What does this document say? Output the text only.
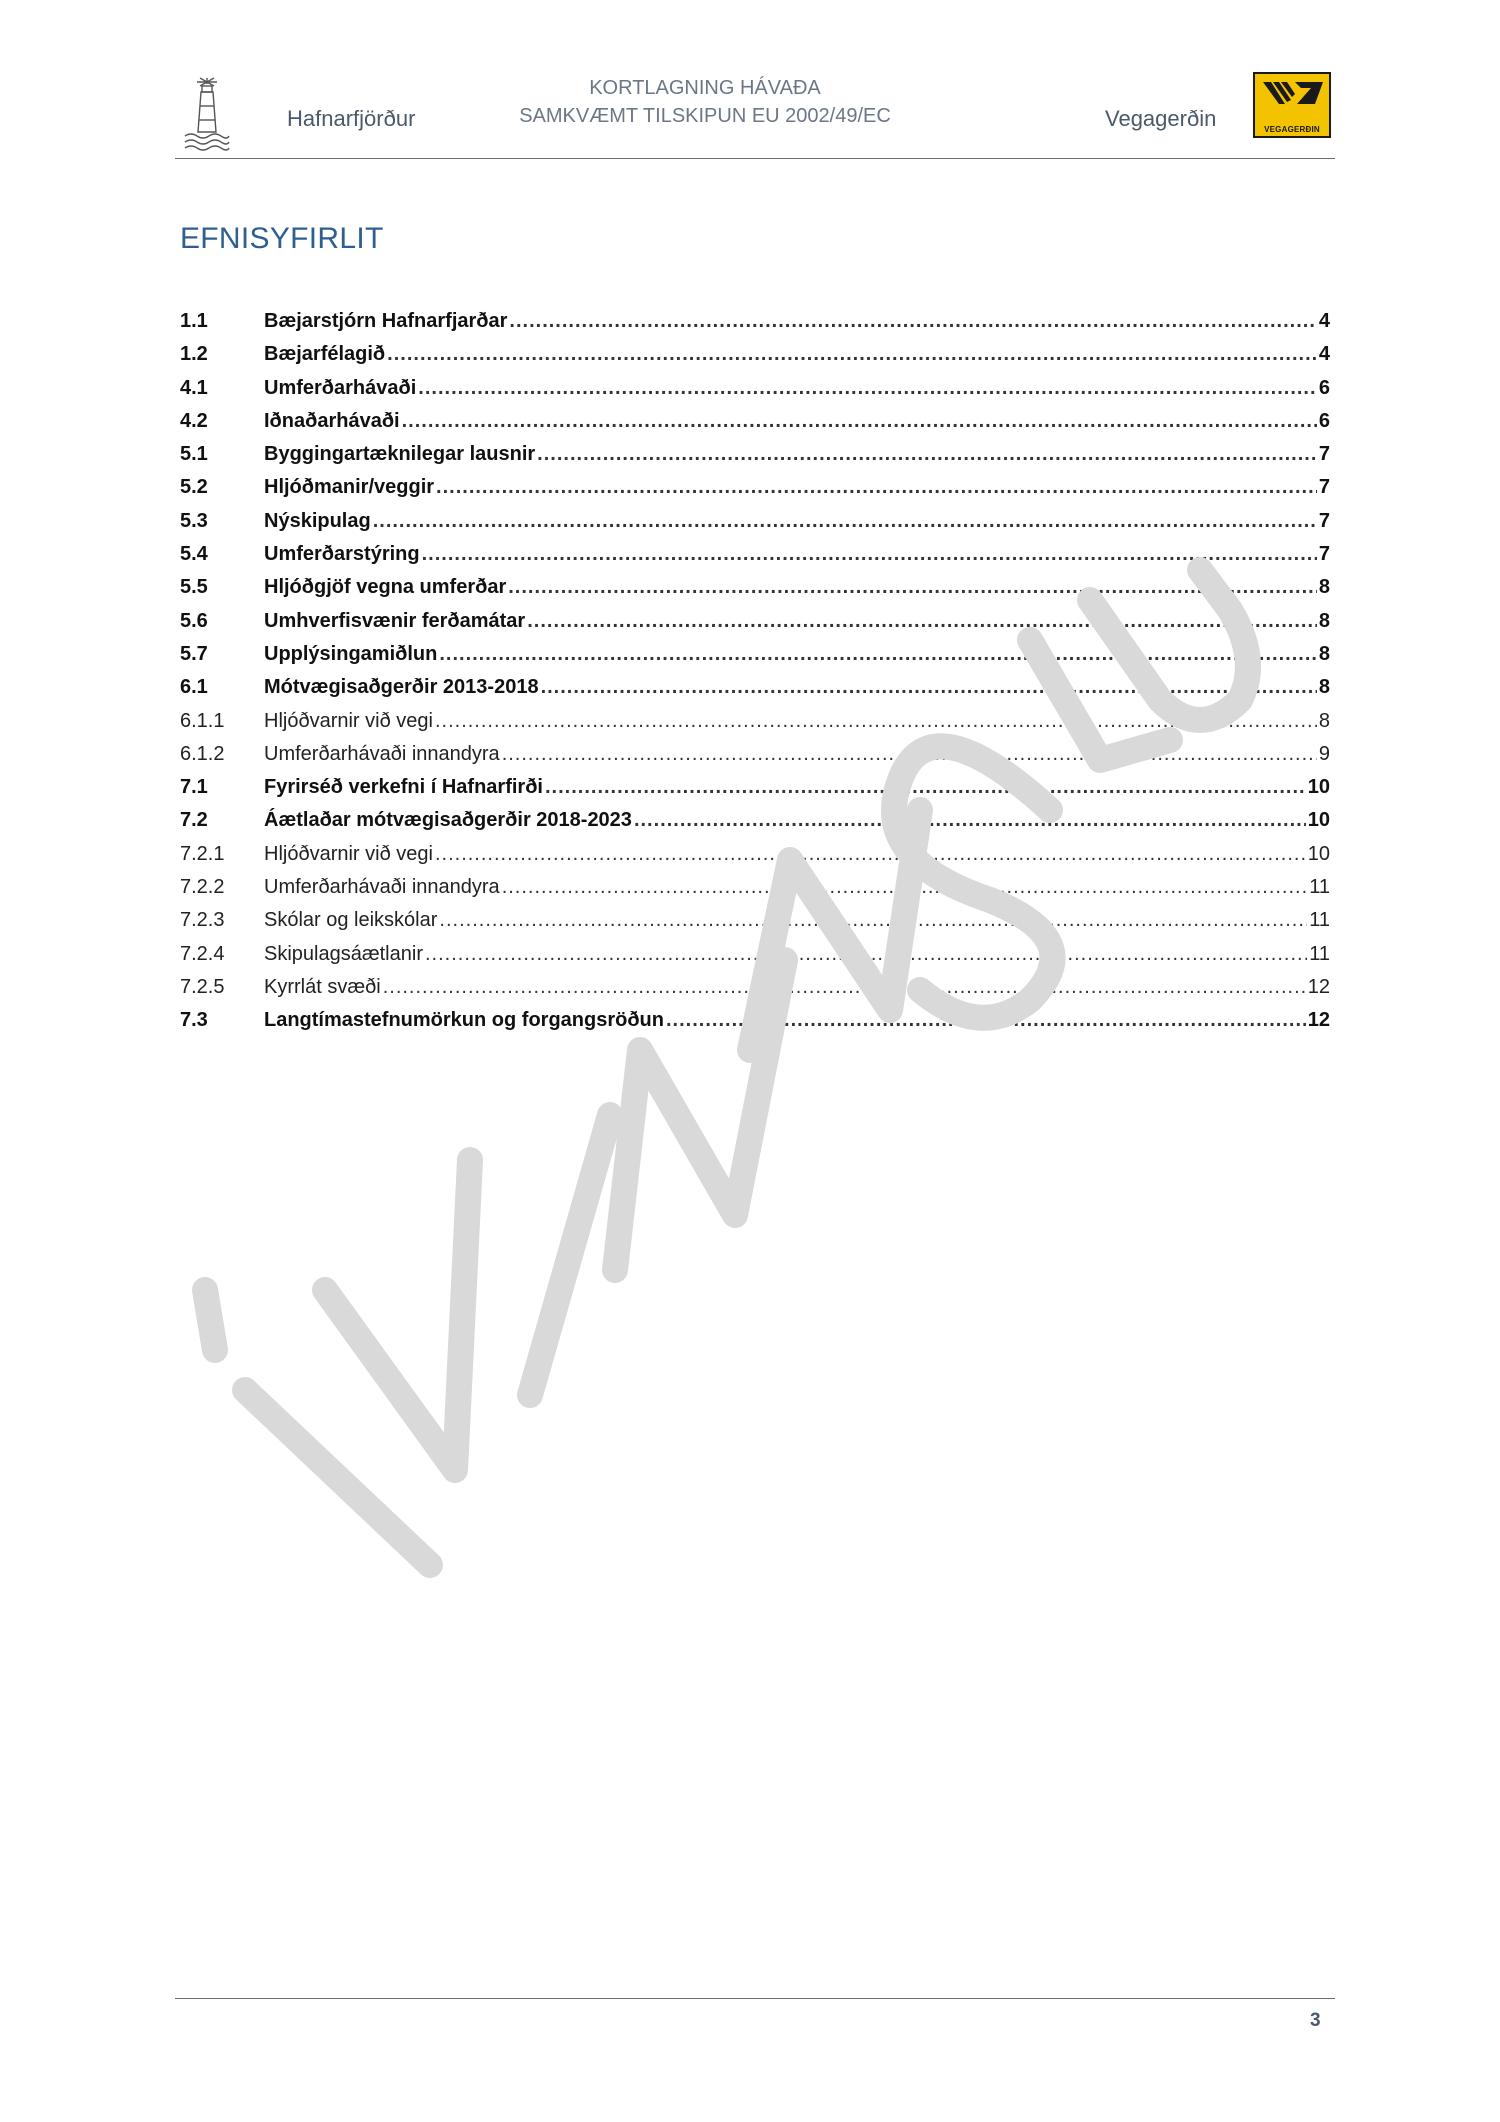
Hafnarfjörður
KORTLAGNING HÁVAÐA
SAMKVÆMT TILSKIPUN EU 2002/49/EC	Vegagerðin	VEGAGERÐIN
EFNISYFIRLIT
1.1	Bæjarstjórn Hafnarfjarðar .....	4
1.2	Bæjarfélagið .....	4
4.1	Umferðarhávaði .....	6
4.2	Iðnaðarhávaði .....	6
5.1	Byggingartæknilegar lausnir .....	7
5.2	Hljóðmanir/veggir .....	7
5.3	Nýskipulag .....	7
5.4	Umferðarstýring .....	7
5.5	Hljóðgjöf vegna umferðar .....	8
5.6	Umhverfisvænir ferðamátar .....	8
5.7	Upplýsingamiðlun .....	8
6.1	Mótvægisaðgerðir 2013-2018 .....	8
6.1.1	Hljóðvarnir við vegi .....	8
6.1.2	Umferðarhávaði innandyra .....	9
7.1	Fyrirséð verkefni í Hafnarfirði .....	10
7.2	Áætlaðar mótvægisaðgerðir 2018-2023 .....	10
7.2.1	Hljóðvarnir við vegi .....	10
7.2.2	Umferðarhávaði innandyra .....	11
7.2.3	Skólar og leikskólar .....	11
7.2.4	Skipulagsáætlanir .....	11
7.2.5	Kyrrlát svæði .....	12
7.3	Langtímastefnumörkun og forgangsröðun .....	12
3
